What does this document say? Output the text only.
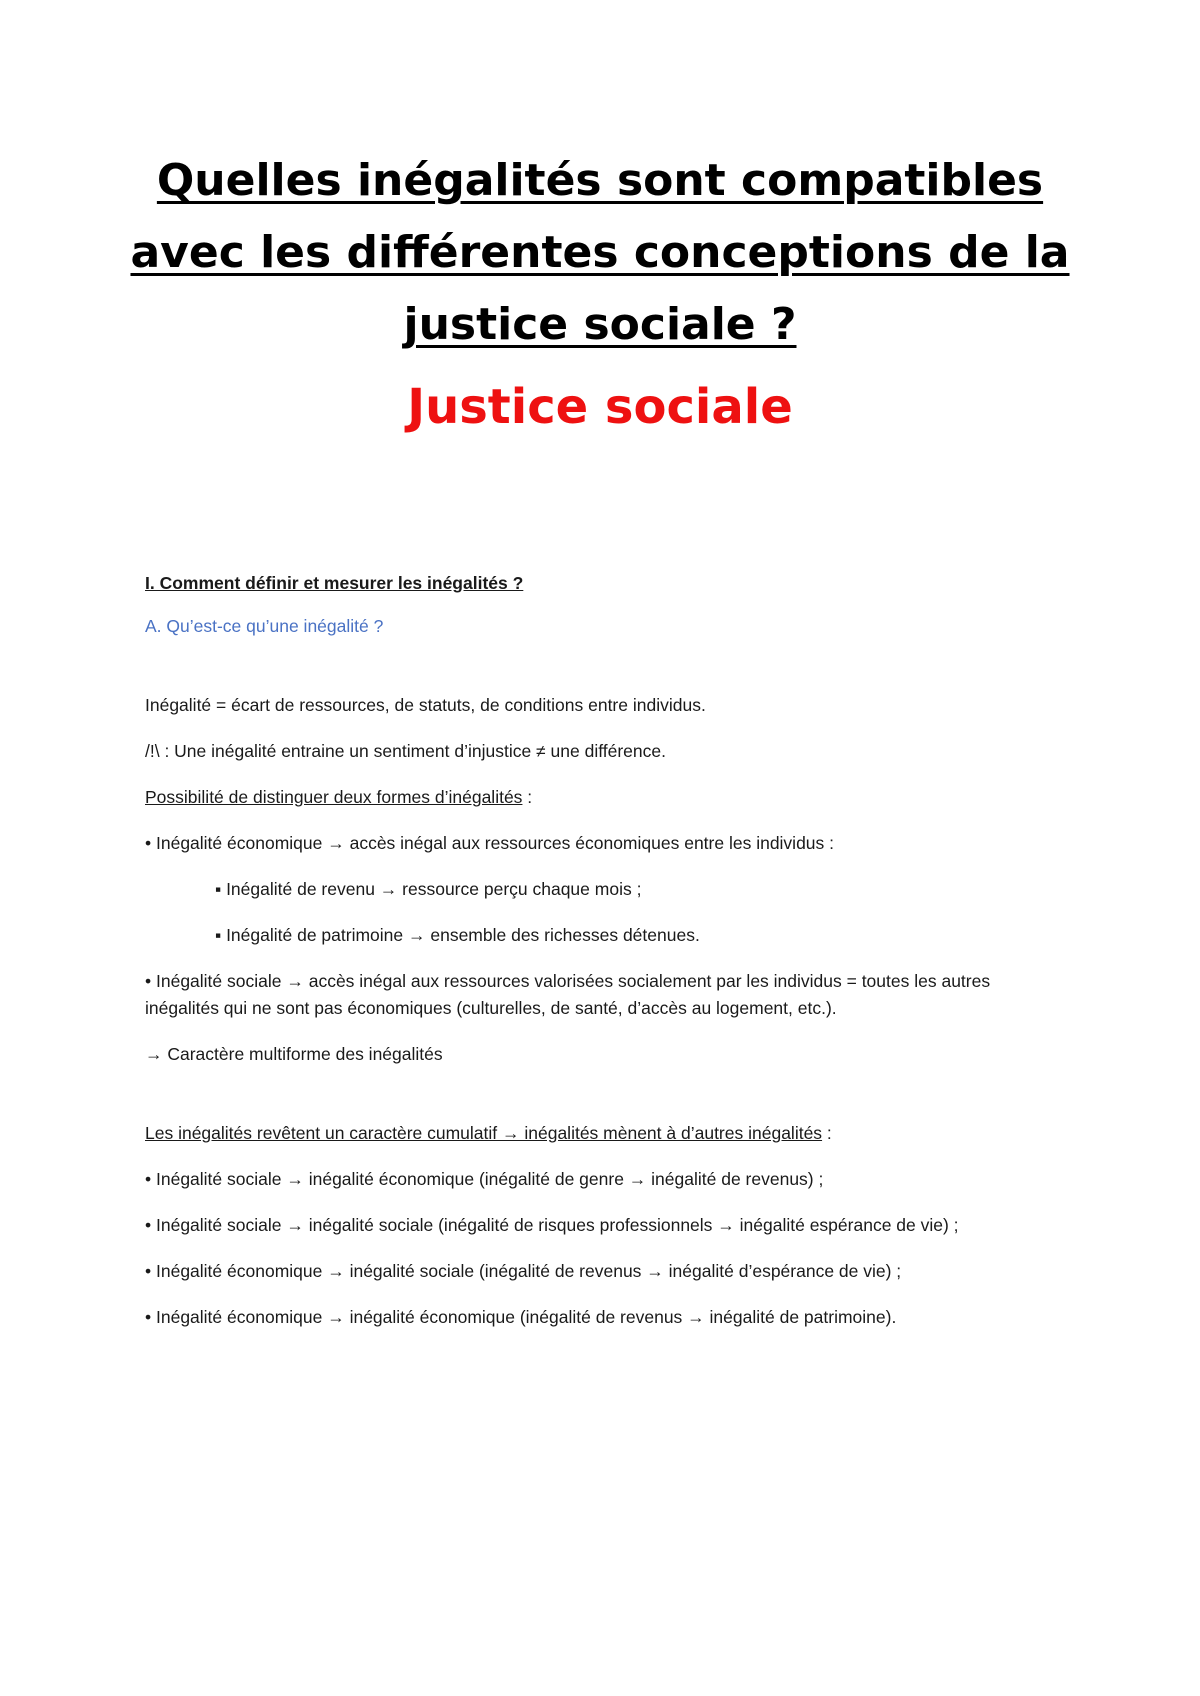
Quelles inégalités sont compatibles
avec les différentes conceptions de la
justice sociale ?
Justice sociale

I. Comment définir et mesurer les inégalités ?

A. Qu’est-ce qu’une inégalité ?

Inégalité = écart de ressources, de statuts, de conditions entre individus.

/!\ : Une inégalité entraine un sentiment d’injustice ≠ une différence.

Possibilité de distinguer deux formes d’inégalités :

• Inégalité économique → accès inégal aux ressources économiques entre les individus :

▪ Inégalité de revenu → ressource perçu chaque mois ;

▪ Inégalité de patrimoine → ensemble des richesses détenues.

• Inégalité sociale → accès inégal aux ressources valorisées socialement par les individus = toutes les autres inégalités qui ne sont pas économiques (culturelles, de santé, d’accès au logement, etc.).

→ Caractère multiforme des inégalités

Les inégalités revêtent un caractère cumulatif → inégalités mènent à d’autres inégalités :

• Inégalité sociale → inégalité économique (inégalité de genre → inégalité de revenus) ;

• Inégalité sociale → inégalité sociale (inégalité de risques professionnels → inégalité espérance de vie) ;

• Inégalité économique → inégalité sociale (inégalité de revenus → inégalité d’espérance de vie) ;

• Inégalité économique → inégalité économique (inégalité de revenus → inégalité de patrimoine).
